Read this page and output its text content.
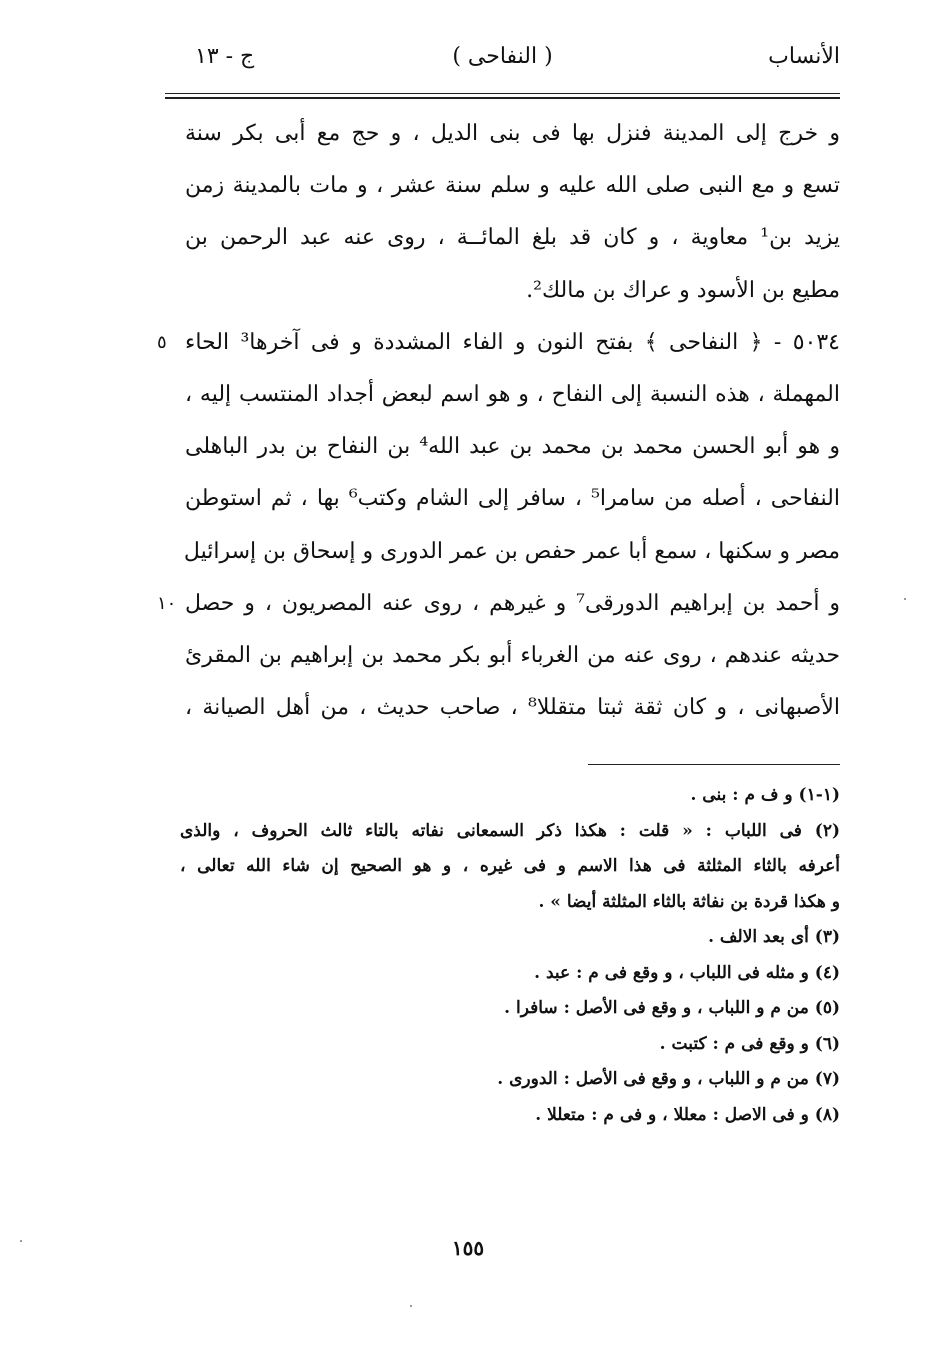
الأنساب
( النفاحى )
ج - ١٣
و خرج إلى المدينة فنزل بها فى بنى الديل ، و حج مع أبى بكر سنة
تسع و مع النبى صلى الله عليه و سلم سنة عشر ، و مات بالمدينة زمن
يزيد بن¹ معاوية ، و كان قد بلغ المائــة ، روى عنه عبد الرحمن بن
مطيع بن الأسود و عراك بن مالك².
٥٠٣٤ - ﴿ النفاحى ﴾ بفتح النون و الفاء المشددة و فى آخرها³ الحاء
٥
المهملة ، هذه النسبة إلى النفاح ، و هو اسم لبعض أجداد المنتسب إليه ،
و هو أبو الحسن محمد بن محمد بن عبد الله⁴ بن النفاح بن بدر الباهلى
النفاحى ، أصله من سامرا⁵ ، سافر إلى الشام وكتب⁶ بها ، ثم استوطن
مصر و سكنها ، سمع أبا عمر حفص بن عمر الدورى و إسحاق بن إسرائيل
و أحمد بن إبراهيم الدورقى⁷ و غيرهم ، روى عنه المصريون ، و حصل
١٠
حديثه عندهم ، روى عنه من الغرباء أبو بكر محمد بن إبراهيم بن المقرئ
الأصبهانى ، و كان ثقة ثبتا متقللا⁸ ، صاحب حديث ، من أهل الصيانة ،
(١-١) و ف م : بنى .
(٢) فى اللباب : « قلت : هكذا ذكر السمعانى نفاته بالتاء ثالث الحروف ، والذى
أعرفه بالثاء المثلثة فى هذا الاسم و فى غيره ، و هو الصحيح إن شاء الله تعالى ،
و هكذا قردة بن نفاثة بالثاء المثلثة أيضا » .
(٣) أى بعد الالف .
(٤) و مثله فى اللباب ، و وقع فى م : عبد .
(٥) من م و اللباب ، و وقع فى الأصل : سافرا .
(٦) و وقع فى م : كتبت .
(٧) من م و اللباب ، و وقع فى الأصل : الدورى .
(٨) و فى الاصل : معللا ، و فى م : متعللا .
١٥٥
